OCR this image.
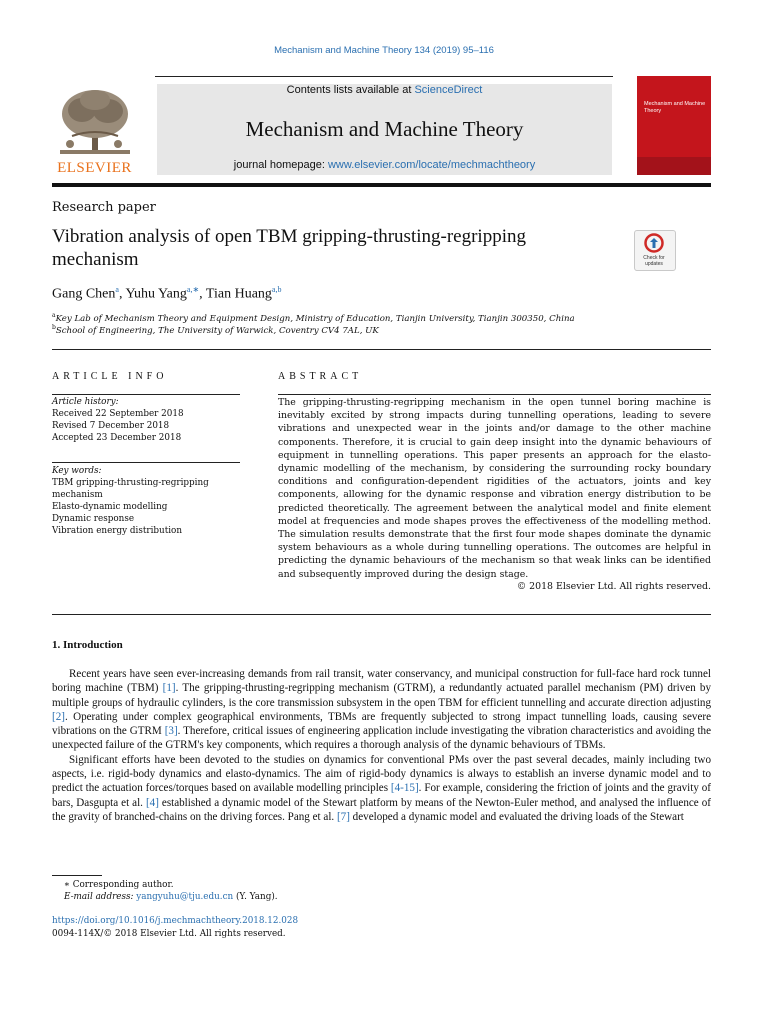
Mechanism and Machine Theory 134 (2019) 95–116
ELSEVIER
Contents lists available at ScienceDirect
Mechanism and Machine Theory
journal homepage: www.elsevier.com/locate/mechmachtheory
Mechanism and Machine Theory
Research paper
Vibration analysis of open TBM gripping-thrusting-regripping mechanism	Check for updates
Gang Chen$^a$, Yuhu Yang$^{a,∗}$, Tian Huang$^{a,b}$
$^a$Key Lab of Mechanism Theory and Equipment Design, Ministry of Education, Tianjin University, Tianjin 300350, China
$^b$School of Engineering, The University of Warwick, Coventry CV4 7AL, UK
ARTICLE INFO
Article history:
Received 22 September 2018
Revised 7 December 2018
Accepted 23 December 2018
Key words:
TBM gripping-thrusting-regripping
mechanism
Elasto-dynamic modelling
Dynamic response
Vibration energy distribution
ABSTRACT
The gripping-thrusting-regripping mechanism in the open tunnel boring machine is inevitably excited by strong impacts during tunnelling operations, leading to severe vibrations and unexpected wear in the joints and/or damage to the other machine components. Therefore, it is crucial to gain deep insight into the dynamic behaviours of equipment in tunnelling operations. This paper presents an approach for the elasto-dynamic modelling of the mechanism, by considering the surrounding rocky boundary conditions and configuration-dependent rigidities of the actuators, joints and key components, allowing for the dynamic response and vibration energy distribution to be predicted theoretically. The agreement between the analytical model and finite element model at frequencies and mode shapes proves the effectiveness of the modelling method. The simulation results demonstrate that the first four mode shapes dominate the dynamic system behaviours as a whole during tunnelling operations. The outcomes are helpful in predicting the dynamic behaviours of the mechanism so that weak links can be identified and subsequently improved during the design stage.
© 2018 Elsevier Ltd. All rights reserved.
1. Introduction

Recent years have seen ever-increasing demands from rail transit, water conservancy, and municipal construction for full-face hard rock tunnel boring machine (TBM) [1]. The gripping-thrusting-regripping mechanism (GTRM), a redundantly actuated parallel mechanism (PM) driven by multiple groups of hydraulic cylinders, is the core transmission subsystem in the open TBM for efficient tunnelling and accurate direction adjusting [2]. Operating under complex geographical environments, TBMs are frequently subjected to strong impact tunnelling loads, causing severe vibrations on the GTRM [3]. Therefore, critical issues of engineering application include investigating the vibration characteristics and avoiding the unexpected failure of the GTRM's key components, which requires a thorough analysis of the dynamic behaviours of TBMs.

Significant efforts have been devoted to the studies on dynamics for conventional PMs over the past several decades, mainly including two aspects, i.e. rigid-body dynamics and elasto-dynamics. The aim of rigid-body dynamics is always to establish an inverse dynamic model and to predict the actuation forces/torques based on available modelling principles [4-15]. For example, considering the friction of joints and the gravity of bars, Dasgupta et al. [4] established a dynamic model of the Stewart platform by means of the Newton-Euler method, and analysed the influence of the gravity of branched-chains on the driving forces. Pang et al. [7] developed a dynamic model and evaluated the driving loads of the Stewart

∗ Corresponding author.
E-mail address: yangyuhu@tju.edu.cn (Y. Yang).
https://doi.org/10.1016/j.mechmachtheory.2018.12.028
0094-114X/© 2018 Elsevier Ltd. All rights reserved.
